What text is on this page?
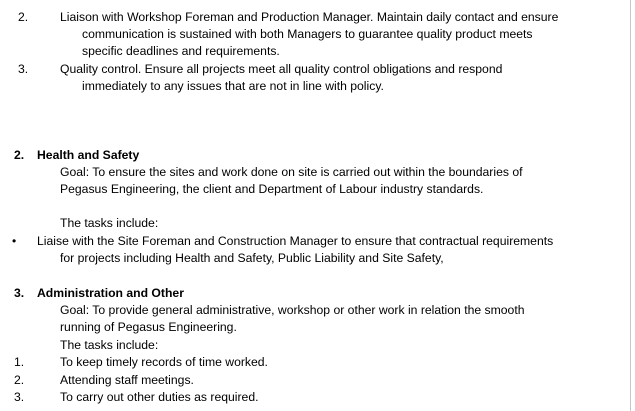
2.	Liaison with Workshop Foreman and Production Manager. Maintain daily contact and ensure
communication is sustained with both Managers to guarantee quality product meets
specific deadlines and requirements.
3.	Quality control. Ensure all projects meet all quality control obligations and respond
immediately to any issues that are not in line with policy.
2. Health and Safety
Goal: To ensure the sites and work done on site is carried out within the boundaries of
Pegasus Engineering, the client and Department of Labour industry standards.
The tasks include:
• Liaise with the Site Foreman and Construction Manager to ensure that contractual requirements
for projects including Health and Safety, Public Liability and Site Safety,
3. Administration and Other
Goal: To provide general administrative, workshop or other work in relation the smooth
running of Pegasus Engineering.
The tasks include:
1.	To keep timely records of time worked.
2.	Attending staff meetings.
3.	To carry out other duties as required.
